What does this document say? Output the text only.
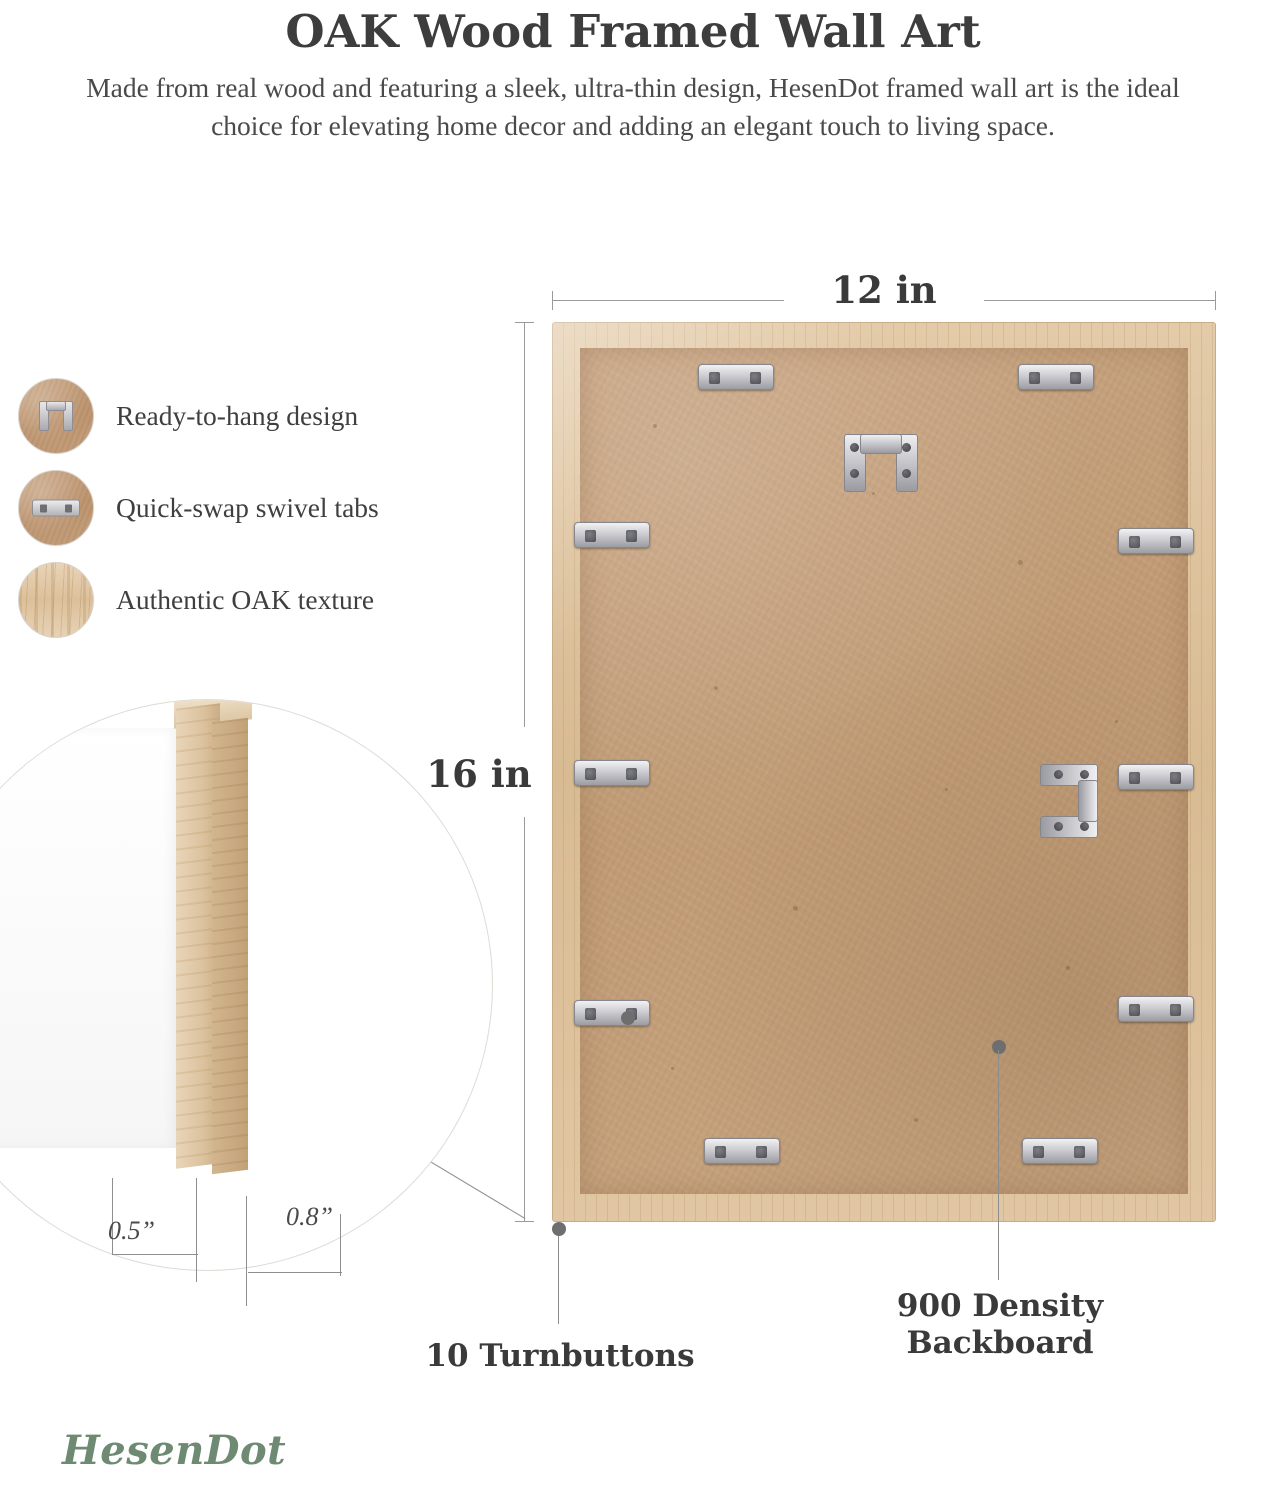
OAK Wood Framed Wall Art

Made from real wood and featuring a sleek, ultra-thin design, HesenDot framed wall art is the ideal choice for elevating home decor and adding an elegant touch to living space.

Ready-to-hang design
Quick-swap swivel tabs
Authentic OAK texture
12 in
16 in
10 Turnbuttons
900 Density
Backboard
0.5”	0.8”
HesenDot
